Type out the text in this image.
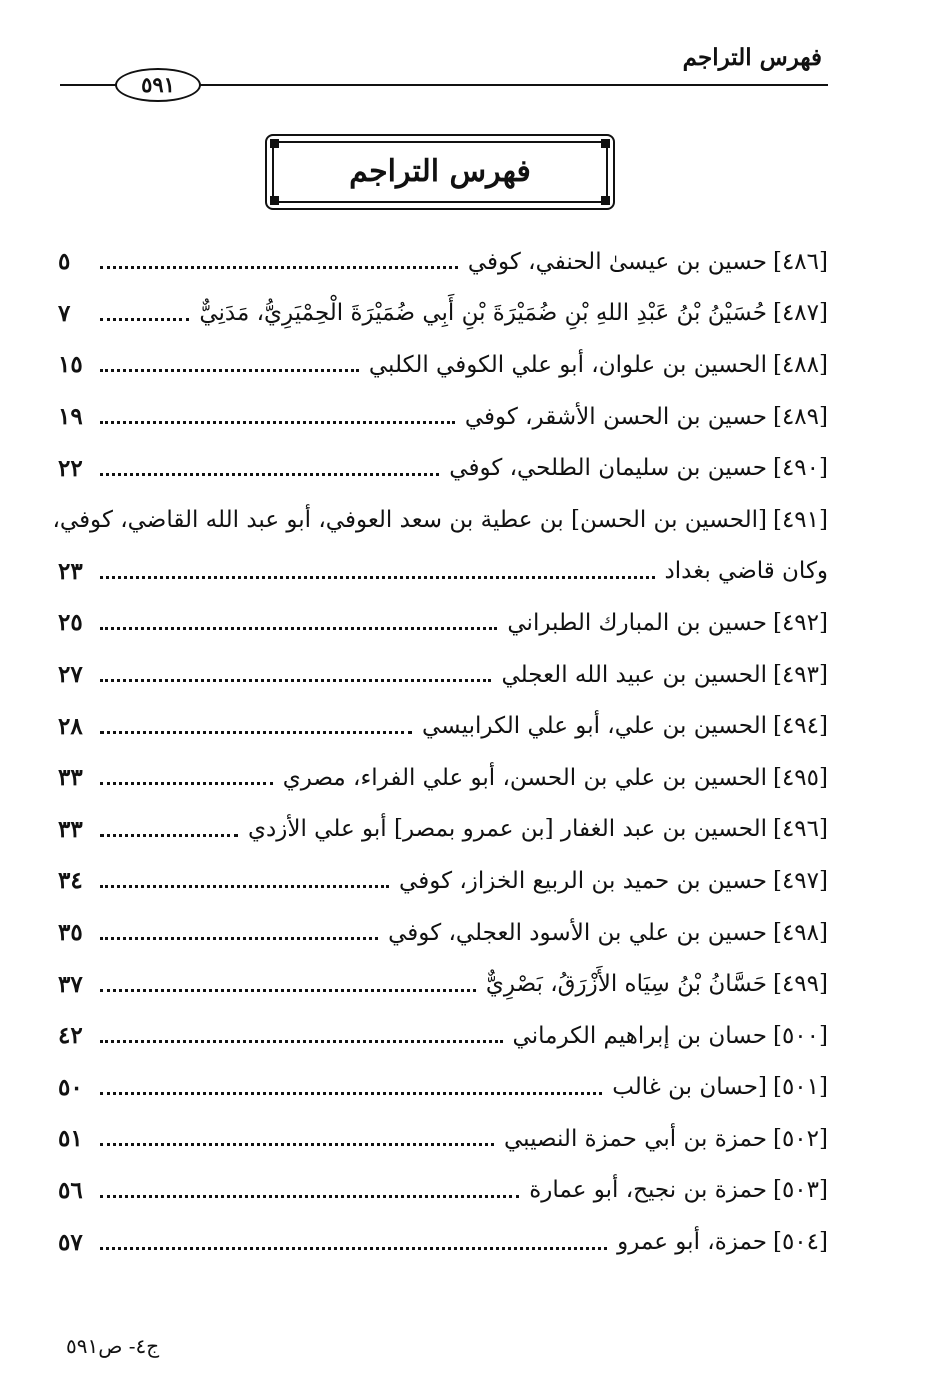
فهرس التراجم
٥٩١
فهرس التراجم
[٤٨٦]حسين بن عيسىٰ الحنفي، كوفي
٥
[٤٨٧]حُسَيْنُ بْنُ عَبْدِ اللهِ بْنِ ضُمَيْرَةَ بْنِ أَبِي ضُمَيْرَةَ الْحِمْيَرِيُّ، مَدَنِيٌّ
٧
[٤٨٨]الحسين بن علوان، أبو علي الكوفي الكلبي
١٥
[٤٨٩]حسين بن الحسن الأشقر، كوفي
١٩
[٤٩٠]حسين بن سليمان الطلحي، كوفي
٢٢
[٤٩١][الحسين بن الحسن] بن عطية بن سعد العوفي، أبو عبد الله القاضي، كوفي،
وكان قاضي بغداد
٢٣
[٤٩٢]حسين بن المبارك الطبراني
٢٥
[٤٩٣]الحسين بن عبيد الله العجلي
٢٧
[٤٩٤]الحسين بن علي، أبو علي الكرابيسي
٢٨
[٤٩٥]الحسين بن علي بن الحسن، أبو علي الفراء، مصري
٣٣
[٤٩٦]الحسين بن عبد الغفار [بن عمرو بمصر] أبو علي الأزدي
٣٣
[٤٩٧]حسين بن حميد بن الربيع الخزاز، كوفي
٣٤
[٤٩٨]حسين بن علي بن الأسود العجلي، كوفي
٣٥
[٤٩٩]حَسَّانُ بْنُ سِيَاه الأَزْرَقُ، بَصْرِيٌّ
٣٧
[٥٠٠]حسان بن إبراهيم الكرماني
٤٢
[٥٠١][حسان بن غالب
٥٠
[٥٠٢]حمزة بن أبي حمزة النصيبي
٥١
[٥٠٣]حمزة بن نجيح، أبو عمارة
٥٦
[٥٠٤]حمزة، أبو عمرو
٥٧
ج٤- ص٥٩١
